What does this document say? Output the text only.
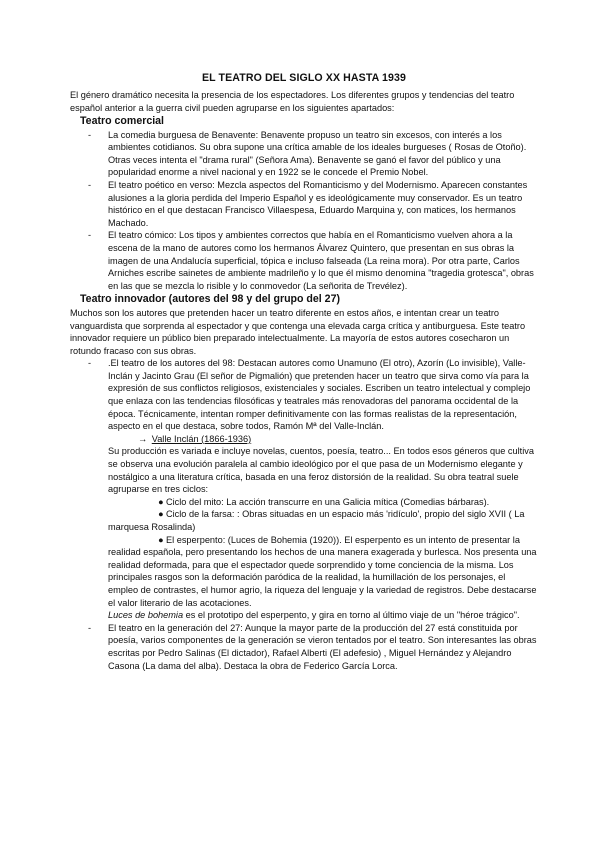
EL TEATRO DEL SIGLO XX HASTA 1939

El género dramático necesita la presencia de los espectadores. Los diferentes grupos y tendencias del teatro español anterior a la guerra civil pueden agruparse en los siguientes apartados:

Teatro comercial
- La comedia burguesa de Benavente: Benavente propuso un teatro sin excesos, con interés a los ambientes cotidianos. Su obra supone una crítica amable de los ideales burgueses ( Rosas de Otoño). Otras veces intenta el "drama rural" (Señora Ama). Benavente se ganó el favor del público y una popularidad enorme a nivel nacional y en 1922 se le concede el Premio Nobel.
- El teatro poético en verso: Mezcla aspectos del Romanticismo y del Modernismo. Aparecen constantes alusiones a la gloria perdida del Imperio Español y es ideológicamente muy conservador. Es un teatro histórico en el que destacan Francisco Villaespesa, Eduardo Marquina y, con matices, los hermanos Machado.
- El teatro cómico: Los tipos y ambientes correctos que había en el Romanticismo vuelven ahora a la escena de la mano de autores como los hermanos Álvarez Quintero, que presentan en sus obras la imagen de una Andalucía superficial, tópica e incluso falseada (La reina mora). Por otra parte, Carlos Arniches escribe sainetes de ambiente madrileño y lo que él mismo denomina "tragedia grotesca", obras en las que se mezcla lo risible y lo conmovedor (La señorita de Trevélez).
Teatro innovador (autores del 98 y del grupo del 27)

Muchos son los autores que pretenden hacer un teatro diferente en estos años, e intentan crear un teatro vanguardista que sorprenda al espectador y que contenga una elevada carga crítica y antiburguesa. Este teatro innovador requiere un público bien preparado intelectualmente. La mayoría de estos autores cosecharon un rotundo fracaso con sus obras.

- .El teatro de los autores del 98: Destacan autores como Unamuno (El otro), Azorín (Lo invisible), Valle-Inclán y Jacinto Grau (El señor de Pigmalión) que pretenden hacer un teatro que sirva como vía para la expresión de sus conflictos religiosos, existenciales y sociales. Escriben un teatro intelectual y complejo que enlaza con las tendencias filosóficas y teatrales más renovadoras del panorama occidental de la época. Técnicamente, intentan romper definitivamente con las formas realistas de la representación, aspecto en el que destaca, sobre todos, Ramón Mª del Valle-Inclán.

→ Valle Inclán (1866-1936)

Su producción es variada e incluye novelas, cuentos, poesía, teatro... En todos esos géneros que cultiva se observa una evolución paralela al cambio ideológico por el que pasa de un Modernismo elegante y nostálgico a una literatura crítica, basada en una feroz distorsión de la realidad. Su obra teatral suele agruparse en tres ciclos:

● Ciclo del mito: La acción transcurre en una Galicia mítica (Comedias bárbaras).
● Ciclo de la farsa: : Obras situadas en un espacio más 'ridículo', propio del siglo XVII ( La marquesa Rosalinda)
● El esperpento: (Luces de Bohemia (1920)). El esperpento es un intento de presentar la realidad española, pero presentando los hechos de una manera exagerada y burlesca. Nos presenta una realidad deformada, para que el espectador quede sorprendido y tome conciencia de la misma. Los principales rasgos son la deformación paródica de la realidad, la humillación de los personajes, el empleo de contrastes, el humor agrio, la riqueza del lenguaje y la variedad de registros. Debe destacarse el valor literario de las acotaciones.

Luces de bohemia es el prototipo del esperpento, y gira en torno al último viaje de un "héroe trágico".

- El teatro en la generación del 27: Aunque la mayor parte de la producción del 27 está constituida por poesía, varios componentes de la generación se vieron tentados por el teatro. Son interesantes las obras escritas por Pedro Salinas (El dictador), Rafael Alberti (El adefesio) , Miguel Hernández y Alejandro Casona (La dama del alba). Destaca la obra de Federico García Lorca.
